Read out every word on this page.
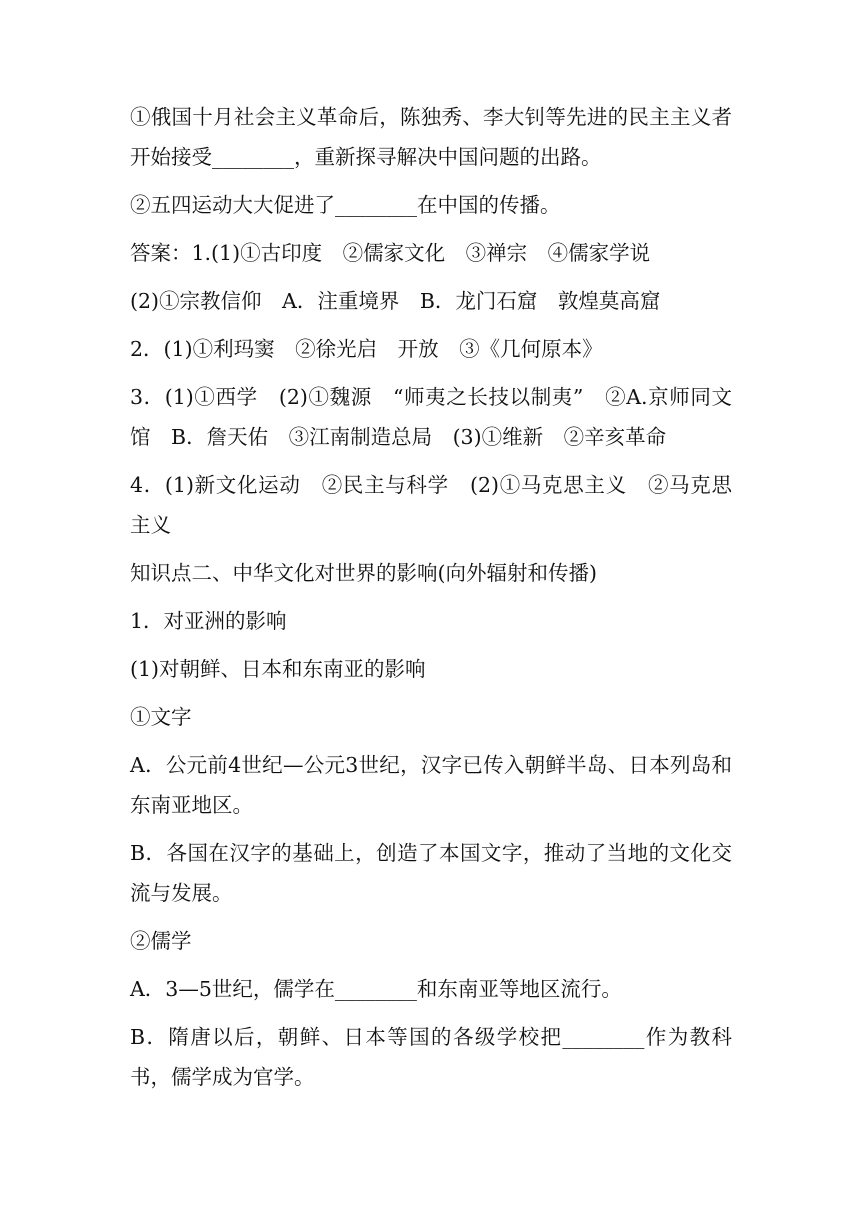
①俄国十月社会主义革命后，陈独秀、李大钊等先进的民主主义者开始接受________，重新探寻解决中国问题的出路。

②五四运动大大促进了________在中国的传播。

答案：1.(1)①古印度　②儒家文化　③禅宗　④儒家学说

(2)①宗教信仰　A．注重境界　B．龙门石窟　敦煌莫高窟

2．(1)①利玛窦　②徐光启　开放　③《几何原本》

3．(1)①西学　(2)①魏源　“师夷之长技以制夷”　②A.京师同文馆　B．詹天佑　③江南制造总局　(3)①维新　②辛亥革命

4．(1)新文化运动　②民主与科学　(2)①马克思主义　②马克思主义

知识点二、中华文化对世界的影响(向外辐射和传播)

1．对亚洲的影响

(1)对朝鲜、日本和东南亚的影响

①文字

A．公元前4世纪—公元3世纪，汉字已传入朝鲜半岛、日本列岛和东南亚地区。

B．各国在汉字的基础上，创造了本国文字，推动了当地的文化交流与发展。

②儒学

A．3—5世纪，儒学在________和东南亚等地区流行。

B．隋唐以后，朝鲜、日本等国的各级学校把________作为教科书，儒学成为官学。
